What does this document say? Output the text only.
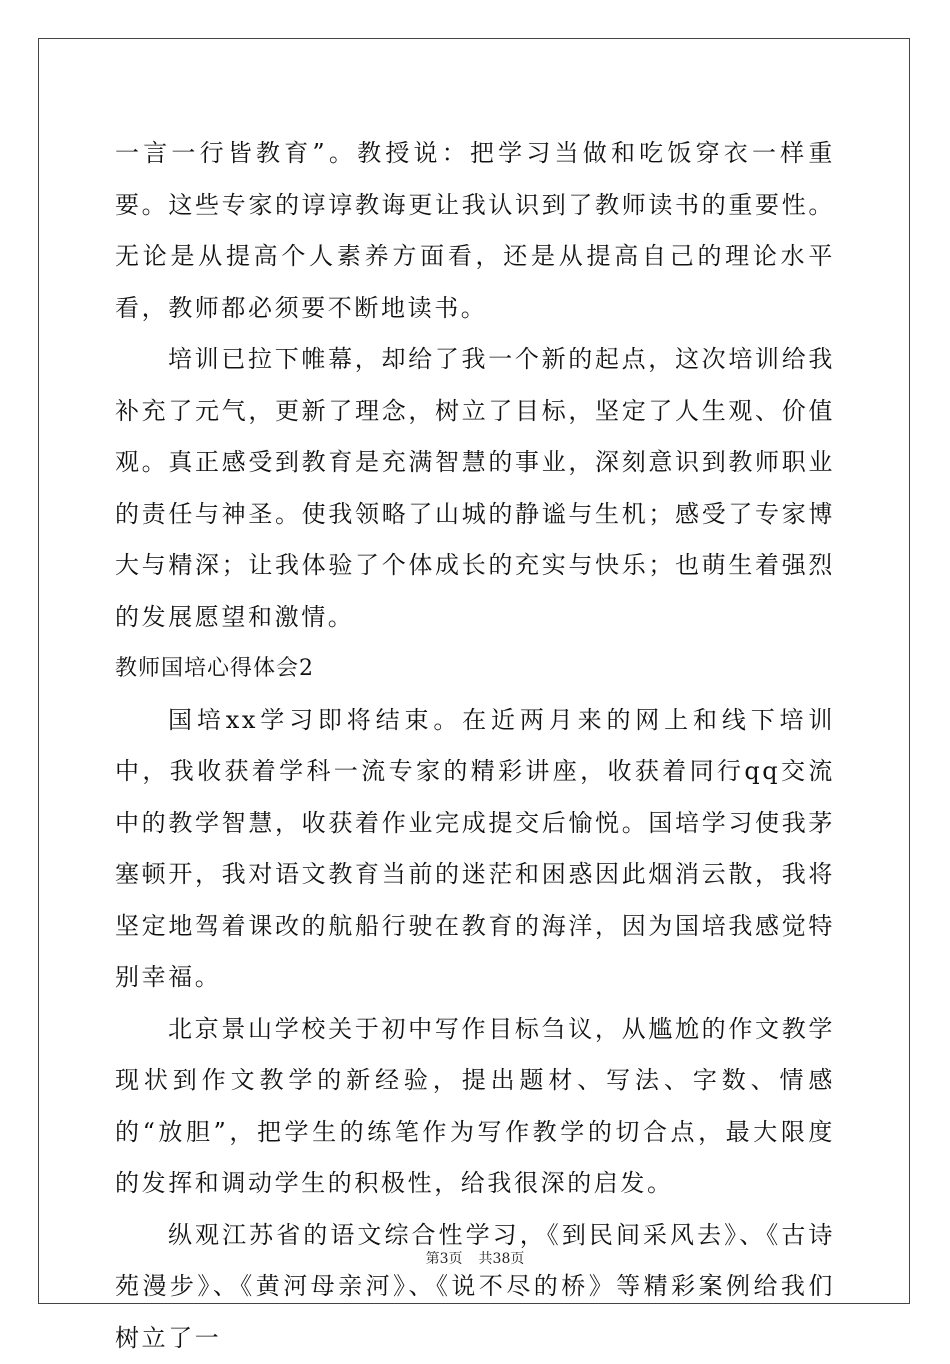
一言一行皆教育”。教授说：把学习当做和吃饭穿衣一样重要。这些专家的谆谆教诲更让我认识到了教师读书的重要性。无论是从提高个人素养方面看，还是从提高自己的理论水平看，教师都必须要不断地读书。

培训已拉下帷幕，却给了我一个新的起点，这次培训给我补充了元气，更新了理念，树立了目标，坚定了人生观、价值观。真正感受到教育是充满智慧的事业，深刻意识到教师职业的责任与神圣。使我领略了山城的静谧与生机；感受了专家博大与精深；让我体验了个体成长的充实与快乐；也萌生着强烈的发展愿望和激情。

教师国培心得体会2

国培xx学习即将结束。在近两月来的网上和线下培训中，我收获着学科一流专家的精彩讲座，收获着同行qq交流中的教学智慧，收获着作业完成提交后愉悦。国培学习使我茅塞顿开，我对语文教育当前的迷茫和困惑因此烟消云散，我将坚定地驾着课改的航船行驶在教育的海洋，因为国培我感觉特别幸福。

北京景山学校关于初中写作目标刍议，从尴尬的作文教学现状到作文教学的新经验，提出题材、写法、字数、情感的“放胆”，把学生的练笔作为写作教学的切合点，最大限度的发挥和调动学生的积极性，给我很深的启发。

纵观江苏省的语文综合性学习，《到民间采风去》、《古诗苑漫步》、《黄河母亲河》、《说不尽的桥》等精彩案例给我们树立了一

第3页 共38页
